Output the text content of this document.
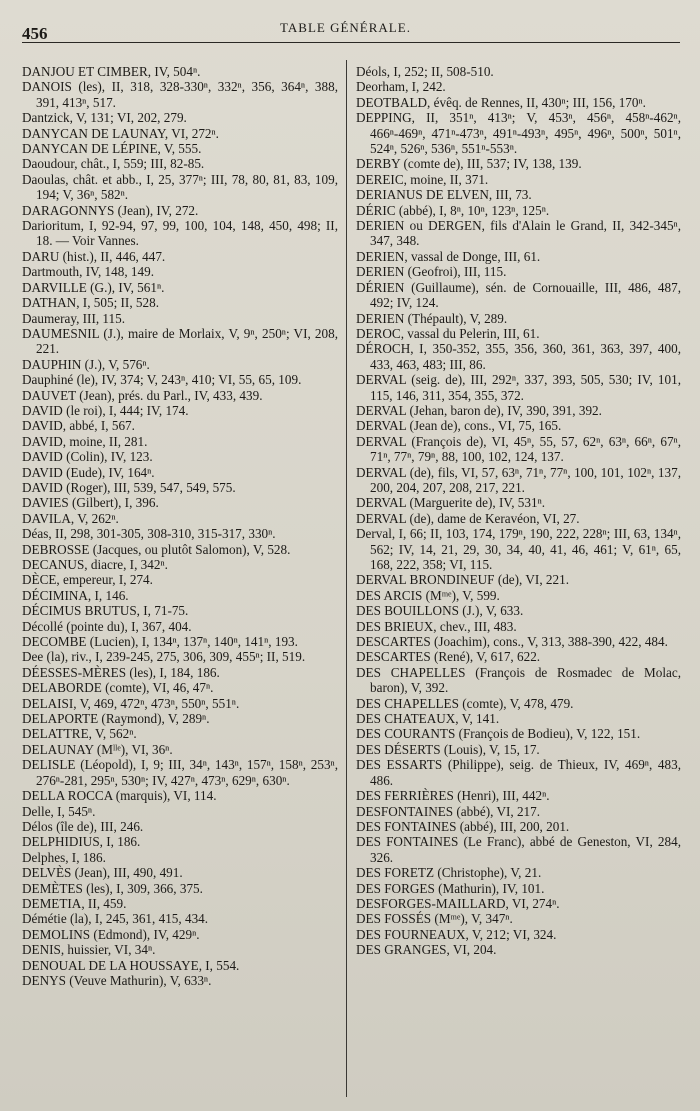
456	TABLE GÉNÉRALE.

DANJOU ET CIMBER, IV, 504ⁿ.

DANOIS (les), II, 318, 328-330ⁿ, 332ⁿ, 356, 364ⁿ, 388, 391, 413ⁿ, 517.

Dantzick, V, 131; VI, 202, 279.

DANYCAN DE LAUNAY, VI, 272ⁿ.

DANYCAN DE LÉPINE, V, 555.

Daoudour, chât., I, 559; III, 82-85.

Daoulas, chât. et abb., I, 25, 377ⁿ; III, 78, 80, 81, 83, 109, 194; V, 36ⁿ, 582ⁿ.

DARAGONNYS (Jean), IV, 272.

Darioritum, I, 92-94, 97, 99, 100, 104, 148, 450, 498; II, 18. — Voir Vannes.

DARU (hist.), II, 446, 447.

Dartmouth, IV, 148, 149.

DARVILLE (G.), IV, 561ⁿ.

DATHAN, I, 505; II, 528.

Daumeray, III, 115.

DAUMESNIL (J.), maire de Morlaix, V, 9ⁿ, 250ⁿ; VI, 208, 221.

DAUPHIN (J.), V, 576ⁿ.

Dauphiné (le), IV, 374; V, 243ⁿ, 410; VI, 55, 65, 109.

DAUVET (Jean), prés. du Parl., IV, 433, 439.

DAVID (le roi), I, 444; IV, 174.

DAVID, abbé, I, 567.

DAVID, moine, II, 281.

DAVID (Colin), IV, 123.

DAVID (Eude), IV, 164ⁿ.

DAVID (Roger), III, 539, 547, 549, 575.

DAVIES (Gilbert), I, 396.

DAVILA, V, 262ⁿ.

Déas, II, 298, 301-305, 308-310, 315-317, 330ⁿ.

DEBROSSE (Jacques, ou plutôt Salomon), V, 528.

DECANUS, diacre, I, 342ⁿ.

DÈCE, empereur, I, 274.

DÉCIMINA, I, 146.

DÉCIMUS BRUTUS, I, 71-75.

Décollé (pointe du), I, 367, 404.

DECOMBE (Lucien), I, 134ⁿ, 137ⁿ, 140ⁿ, 141ⁿ, 193.

Dee (la), riv., I, 239-245, 275, 306, 309, 455ⁿ; II, 519.

DÉESSES-MÈRES (les), I, 184, 186.

DELABORDE (comte), VI, 46, 47ⁿ.

DELAISI, V, 469, 472ⁿ, 473ⁿ, 550ⁿ, 551ⁿ.

DELAPORTE (Raymond), V, 289ⁿ.

DELATTRE, V, 562ⁿ.

DELAUNAY (Mˡˡᵉ), VI, 36ⁿ.

DELISLE (Léopold), I, 9; III, 34ⁿ, 143ⁿ, 157ⁿ, 158ⁿ, 253ⁿ, 276ⁿ-281, 295ⁿ, 530ⁿ; IV, 427ⁿ, 473ⁿ, 629ⁿ, 630ⁿ.

DELLA ROCCA (marquis), VI, 114.

Delle, I, 545ⁿ.

Délos (île de), III, 246.

DELPHIDIUS, I, 186.

Delphes, I, 186.

DELVÈS (Jean), III, 490, 491.

DEMÈTES (les), I, 309, 366, 375.

DEMETIA, II, 459.

Démétie (la), I, 245, 361, 415, 434.

DEMOLINS (Edmond), IV, 429ⁿ.

DENIS, huissier, VI, 34ⁿ.

DENOUAL DE LA HOUSSAYE, I, 554.

DENYS (Veuve Mathurin), V, 633ⁿ.

Déols, I, 252; II, 508-510.

Deorham, I, 242.

DEOTBALD, évêq. de Rennes, II, 430ⁿ; III, 156, 170ⁿ.

DEPPING, II, 351ⁿ, 413ⁿ; V, 453ⁿ, 456ⁿ, 458ⁿ-462ⁿ, 466ⁿ-469ⁿ, 471ⁿ-473ⁿ, 491ⁿ-493ⁿ, 495ⁿ, 496ⁿ, 500ⁿ, 501ⁿ, 524ⁿ, 526ⁿ, 536ⁿ, 551ⁿ-553ⁿ.

DERBY (comte de), III, 537; IV, 138, 139.

DEREIC, moine, II, 371.

DERIANUS DE ELVEN, III, 73.

DÉRIC (abbé), I, 8ⁿ, 10ⁿ, 123ⁿ, 125ⁿ.

DERIEN ou DERGEN, fils d'Alain le Grand, II, 342-345ⁿ, 347, 348.

DERIEN, vassal de Donge, III, 61.

DERIEN (Geofroi), III, 115.

DÉRIEN (Guillaume), sén. de Cornouaille, III, 486, 487, 492; IV, 124.

DERIEN (Thépault), V, 289.

DEROC, vassal du Pelerin, III, 61.

DÉROCH, I, 350-352, 355, 356, 360, 361, 363, 397, 400, 433, 463, 483; III, 86.

DERVAL (seig. de), III, 292ⁿ, 337, 393, 505, 530; IV, 101, 115, 146, 311, 354, 355, 372.

DERVAL (Jehan, baron de), IV, 390, 391, 392.

DERVAL (Jean de), cons., VI, 75, 165.

DERVAL (François de), VI, 45ⁿ, 55, 57, 62ⁿ, 63ⁿ, 66ⁿ, 67ⁿ, 71ⁿ, 77ⁿ, 79ⁿ, 88, 100, 102, 124, 137.

DERVAL (de), fils, VI, 57, 63ⁿ, 71ⁿ, 77ⁿ, 100, 101, 102ⁿ, 137, 200, 204, 207, 208, 217, 221.

DERVAL (Marguerite de), IV, 531ⁿ.

DERVAL (de), dame de Keravéon, VI, 27.

Derval, I, 66; II, 103, 174, 179ⁿ, 190, 222, 228ⁿ; III, 63, 134ⁿ, 562; IV, 14, 21, 29, 30, 34, 40, 41, 46, 461; V, 61ⁿ, 65, 168, 222, 358; VI, 115.

DERVAL BRONDINEUF (de), VI, 221.

DES ARCIS (Mᵐᵉ), V, 599.

DES BOUILLONS (J.), V, 633.

DES BRIEUX, chev., III, 483.

DESCARTES (Joachim), cons., V, 313, 388-390, 422, 484.

DESCARTES (René), V, 617, 622.

DES CHAPELLES (François de Rosmadec de Molac, baron), V, 392.

DES CHAPELLES (comte), V, 478, 479.

DES CHATEAUX, V, 141.

DES COURANTS (François de Bodieu), V, 122, 151.

DES DÉSERTS (Louis), V, 15, 17.

DES ESSARTS (Philippe), seig. de Thieux, IV, 469ⁿ, 483, 486.

DES FERRIÈRES (Henri), III, 442ⁿ.

DESFONTAINES (abbé), VI, 217.

DES FONTAINES (abbé), III, 200, 201.

DES FONTAINES (Le Franc), abbé de Geneston, VI, 284, 326.

DES FORETZ (Christophe), V, 21.

DES FORGES (Mathurin), IV, 101.

DESFORGES-MAILLARD, VI, 274ⁿ.

DES FOSSÉS (Mᵐᵉ), V, 347ⁿ.

DES FOURNEAUX, V, 212; VI, 324.

DES GRANGES, VI, 204.
